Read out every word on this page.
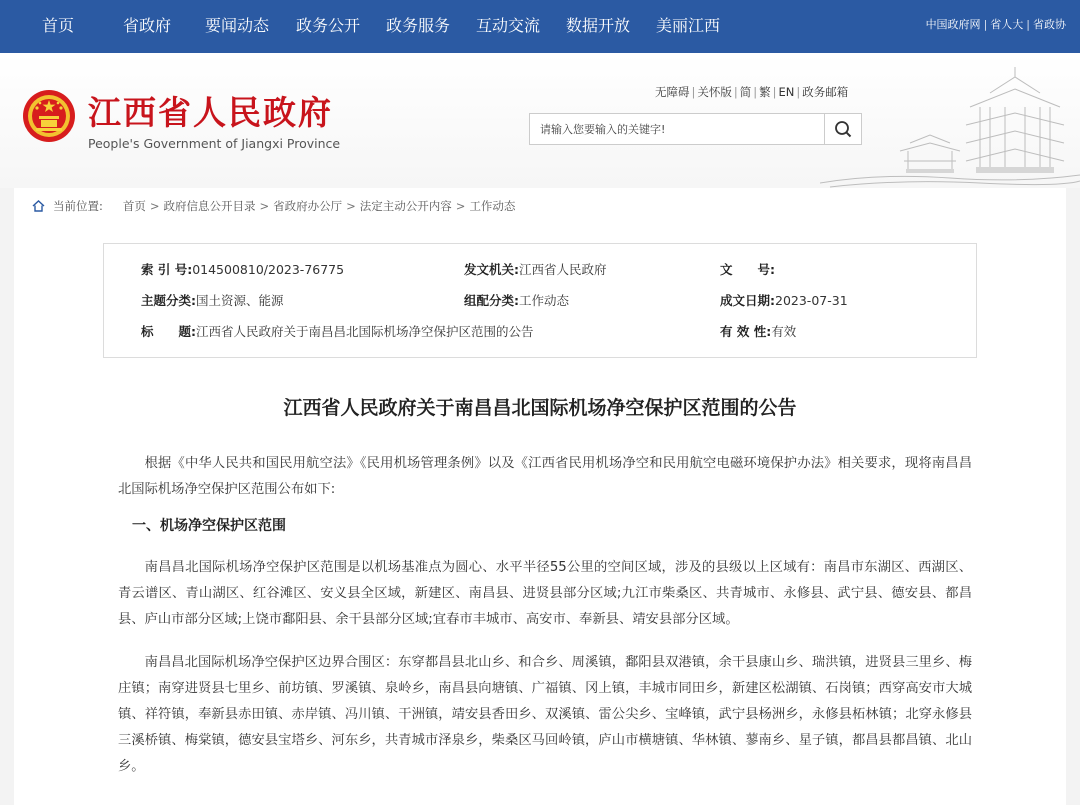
首页	省政府 要闻动态 政务公开 政务服务 互动交流 数据开放 美丽江西	中国政府网 | 省人大 | 省政协
江西省人民政府
People's Government of Jiangxi Province
无障碍 | 关怀版 | 简 | 繁 | EN | 政务邮箱
请输入您要输入的关键字!
当前位置: 首页 > 政府信息公开目录 > 省政府办公厅 > 法定主动公开内容 > 工作动态
索 引 号:014500810/2023-76775	发文机关:江西省人民政府	文　　号:
主题分类:国土资源、能源	组配分类:工作动态	成文日期:2023-07-31
标　　题:江西省人民政府关于南昌昌北国际机场净空保护区范围的公告	有 效 性:有效
江西省人民政府关于南昌昌北国际机场净空保护区范围的公告

根据《中华人民共和国民用航空法》《民用机场管理条例》以及《江西省民用机场净空和民用航空电磁环境保护办法》相关要求，现将南昌昌北国际机场净空保护区范围公布如下:

一、机场净空保护区范围

南昌昌北国际机场净空保护区范围是以机场基准点为圆心、水平半径55公里的空间区域，涉及的县级以上区域有：南昌市东湖区、西湖区、青云谱区、青山湖区、红谷滩区、安义县全区域，新建区、南昌县、进贤县部分区域;九江市柴桑区、共青城市、永修县、武宁县、德安县、都昌县、庐山市部分区域;上饶市鄱阳县、余干县部分区域;宜春市丰城市、高安市、奉新县、靖安县部分区域。

南昌昌北国际机场净空保护区边界合围区：东穿都昌县北山乡、和合乡、周溪镇，鄱阳县双港镇，余干县康山乡、瑞洪镇，进贤县三里乡、梅庄镇；南穿进贤县七里乡、前坊镇、罗溪镇、泉岭乡，南昌县向塘镇、广福镇、冈上镇，丰城市同田乡，新建区松湖镇、石岗镇；西穿高安市大城镇、祥符镇，奉新县赤田镇、赤岸镇、冯川镇、干洲镇，靖安县香田乡、双溪镇、雷公尖乡、宝峰镇，武宁县杨洲乡，永修县柘林镇；北穿永修县三溪桥镇、梅棠镇，德安县宝塔乡、河东乡，共青城市泽泉乡，柴桑区马回岭镇，庐山市横塘镇、华林镇、蓼南乡、星子镇，都昌县都昌镇、北山乡。
